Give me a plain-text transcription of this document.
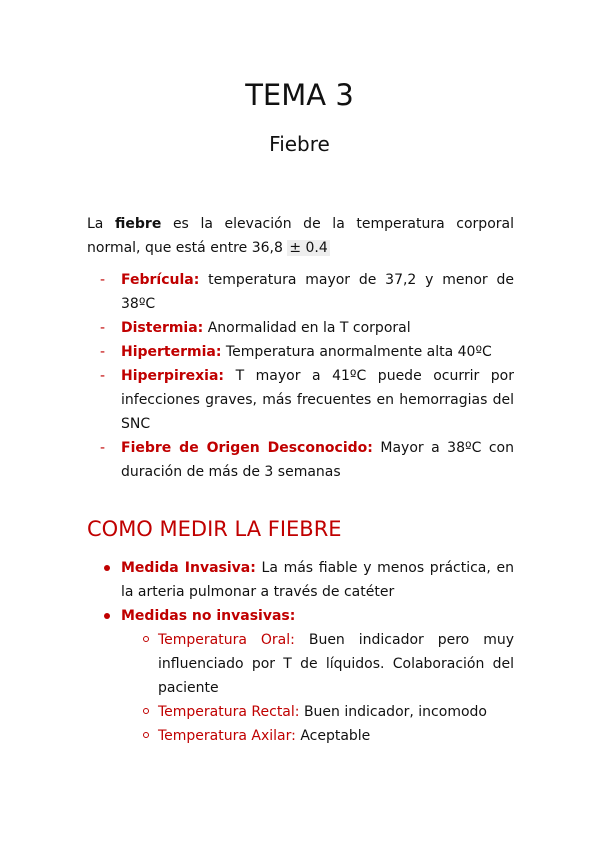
TEMA 3
Fiebre

La fiebre es la elevación de la temperatura corporal normal, que está entre 36,8 ± 0.4

- Febrícula: temperatura mayor de 37,2 y menor de 38ºC
- Distermia: Anormalidad en la T corporal
- Hipertermia: Temperatura anormalmente alta 40ºC
- Hiperpirexia: T mayor a 41ºC puede ocurrir por infecciones graves, más frecuentes en hemorragias del SNC
- Fiebre de Origen Desconocido: Mayor a 38ºC con duración de más de 3 semanas
COMO MEDIR LA FIEBRE
Medida Invasiva: La más fiable y menos práctica, en la arteria pulmonar a través de catéter
Medidas no invasivas:
Temperatura Oral: Buen indicador pero muy influenciado por T de líquidos. Colaboración del paciente
Temperatura Rectal: Buen indicador, incomodo
Temperatura Axilar: Aceptable
